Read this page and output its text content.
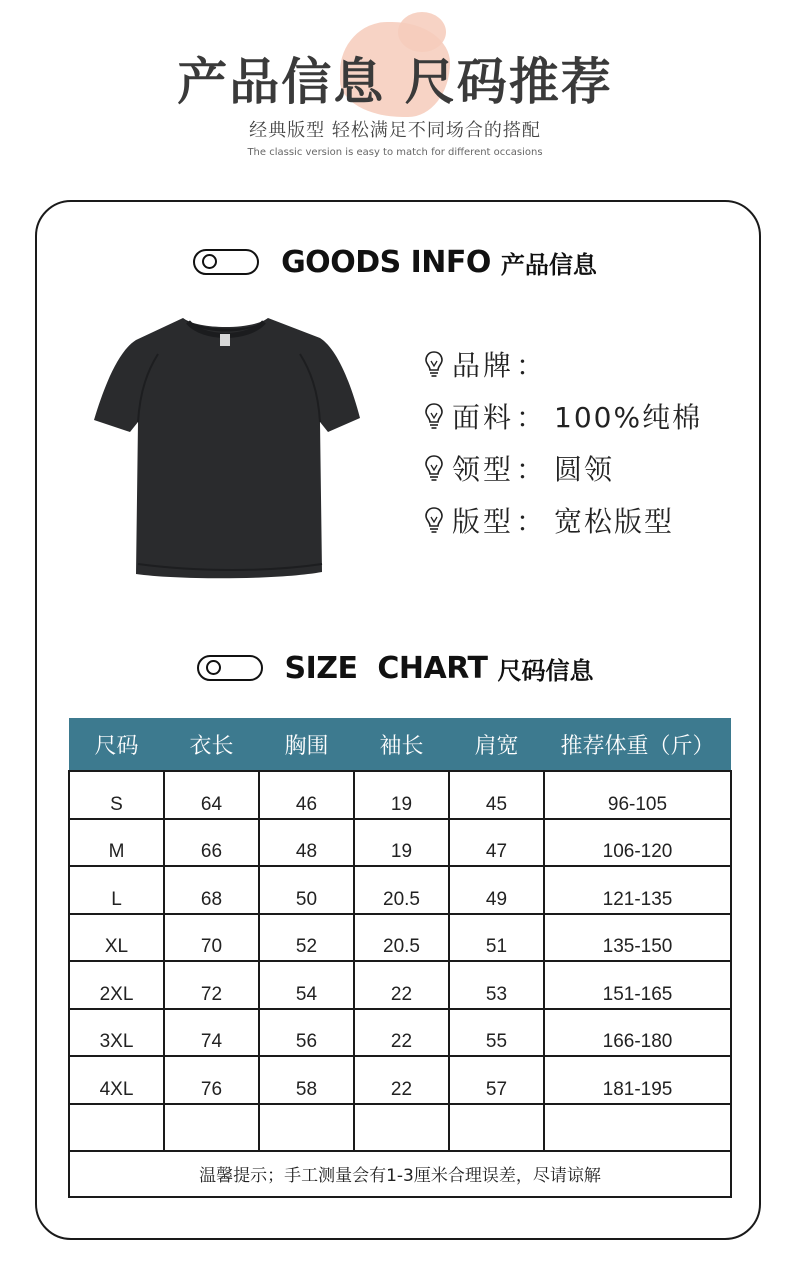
产品信息 尺码推荐
经典版型 轻松满足不同场合的搭配
The classic version is easy to match for different occasions
GOODS INFO 产品信息
品牌 ：
面料 ： 100%纯棉
领型 ： 圆领
版型 ： 宽松版型
SIZE  CHART 尺码信息
尺码	衣长	胸围	袖长	肩宽	推荐体重（斤）
S	64	46	19	45	96-105
M	66	48	19	47	106-120
L	68	50	20.5	49	121-135
XL	70	52	20.5	51	135-150
2XL	72	54	22	53	151-165
3XL	74	56	22	55	166-180
4XL	76	58	22	57	181-195

温馨提示；手工测量会有1-3厘米合理误差，尽请谅解					
